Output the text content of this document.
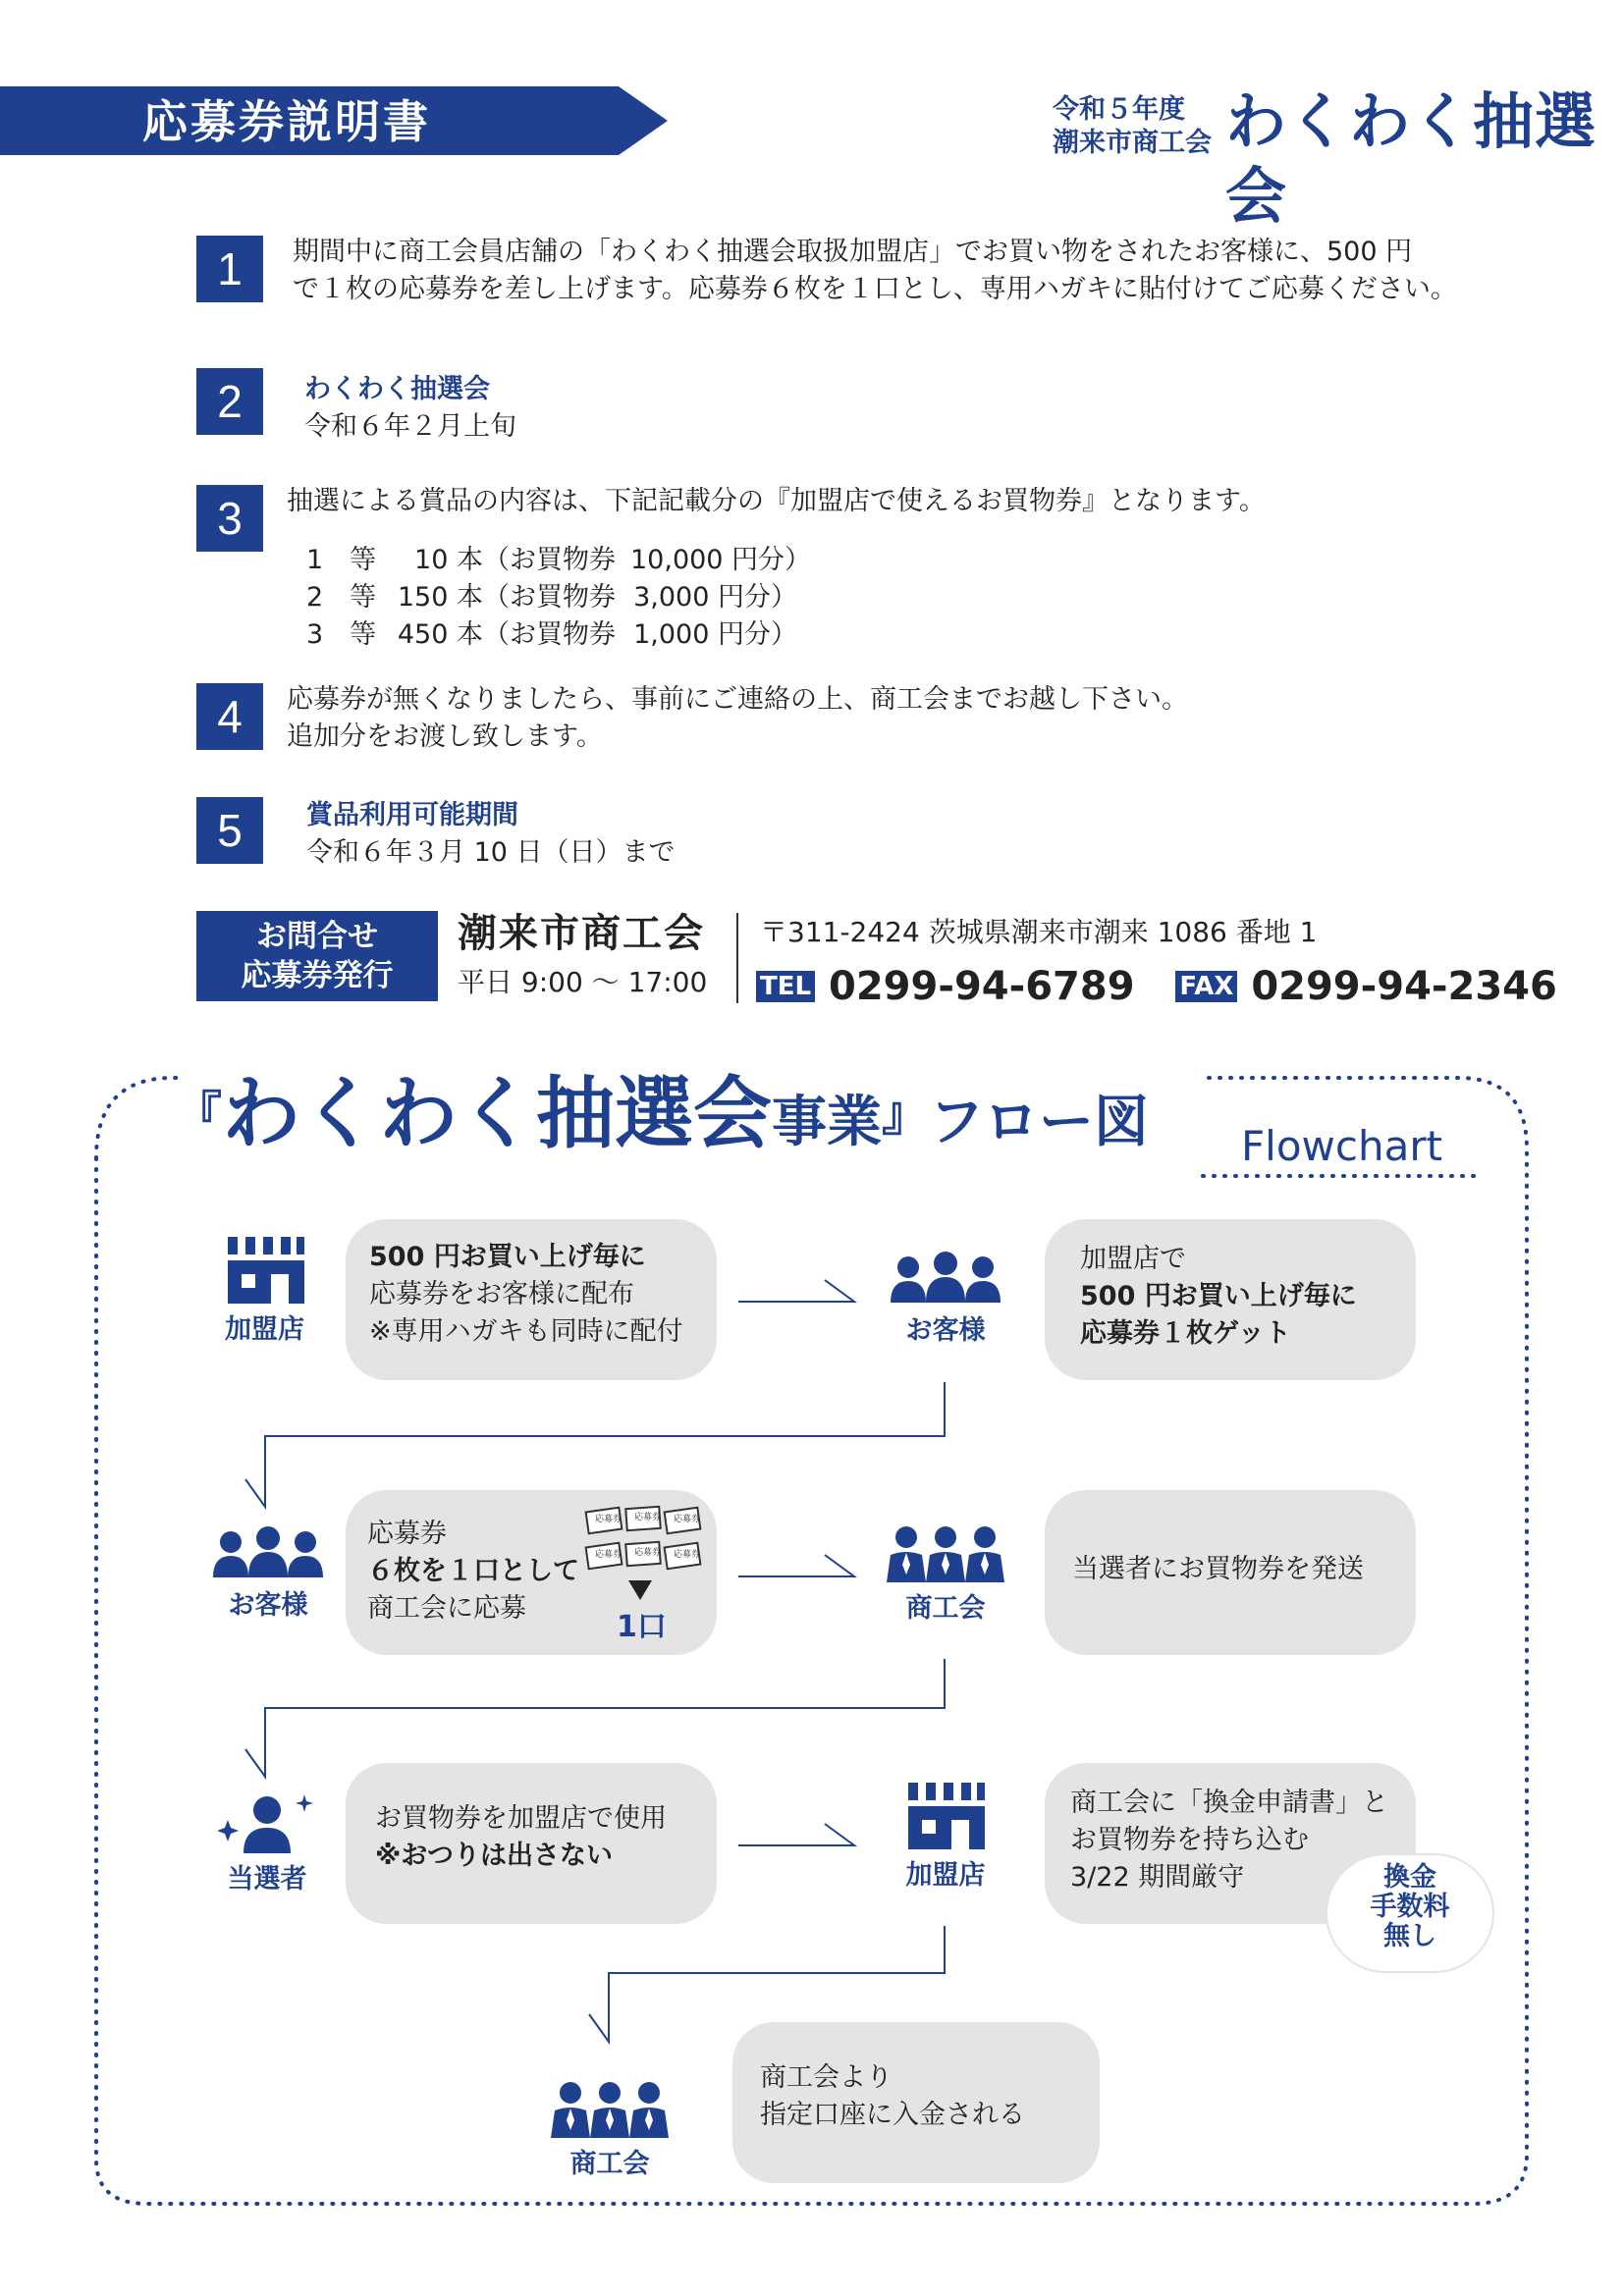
応募券説明書	令和５年度
潮来市商工会 わくわく抽選会
1	期間中に商工会員店舗の「わくわく抽選会取扱加盟店」でお買い物をされたお客様に、500 円
で１枚の応募券を差し上げます。応募券６枚を１口とし、専用ハガキに貼付けてご応募ください。
2	わくわく抽選会
令和６年２月上旬
3	抽選による賞品の内容は、下記記載分の『加盟店で使えるお買物券』となります。
1　等 10 本（お買物券 10,000 円分）
2　等 150 本（お買物券 3,000 円分）
3　等 450 本（お買物券 1,000 円分）
4	応募券が無くなりましたら、事前にご連絡の上、商工会までお越し下さい。
追加分をお渡し致します。
5	賞品利用可能期間
令和６年３月 10 日（日）まで
お問合せ
応募券発行
潮来市商工会
平日 9:00 ～ 17:00
〒311-2424 茨城県潮来市潮来 1086 番地 1
TEL 0299-94-6789 FAX 0299-94-2346
『わくわく抽選会事業』フロー図 Flowchart
加盟店
500 円お買い上げ毎に
応募券をお客様に配布
※専用ハガキも同時に配付	お客様
加盟店で
500 円お買い上げ毎に
応募券１枚ゲット
お客様
応募券
６枚を１口として
商工会に応募
応募券 応募券 応募券
応募券 応募券 応募券
1口
商工会
当選者にお買物券を発送
当選者
お買物券を加盟店で使用
※おつりは出さない
加盟店
商工会に「換金申請書」と
お買物券を持ち込む
3/22 期間厳守	換金
手数料
無し
商工会
商工会より
指定口座に入金される
